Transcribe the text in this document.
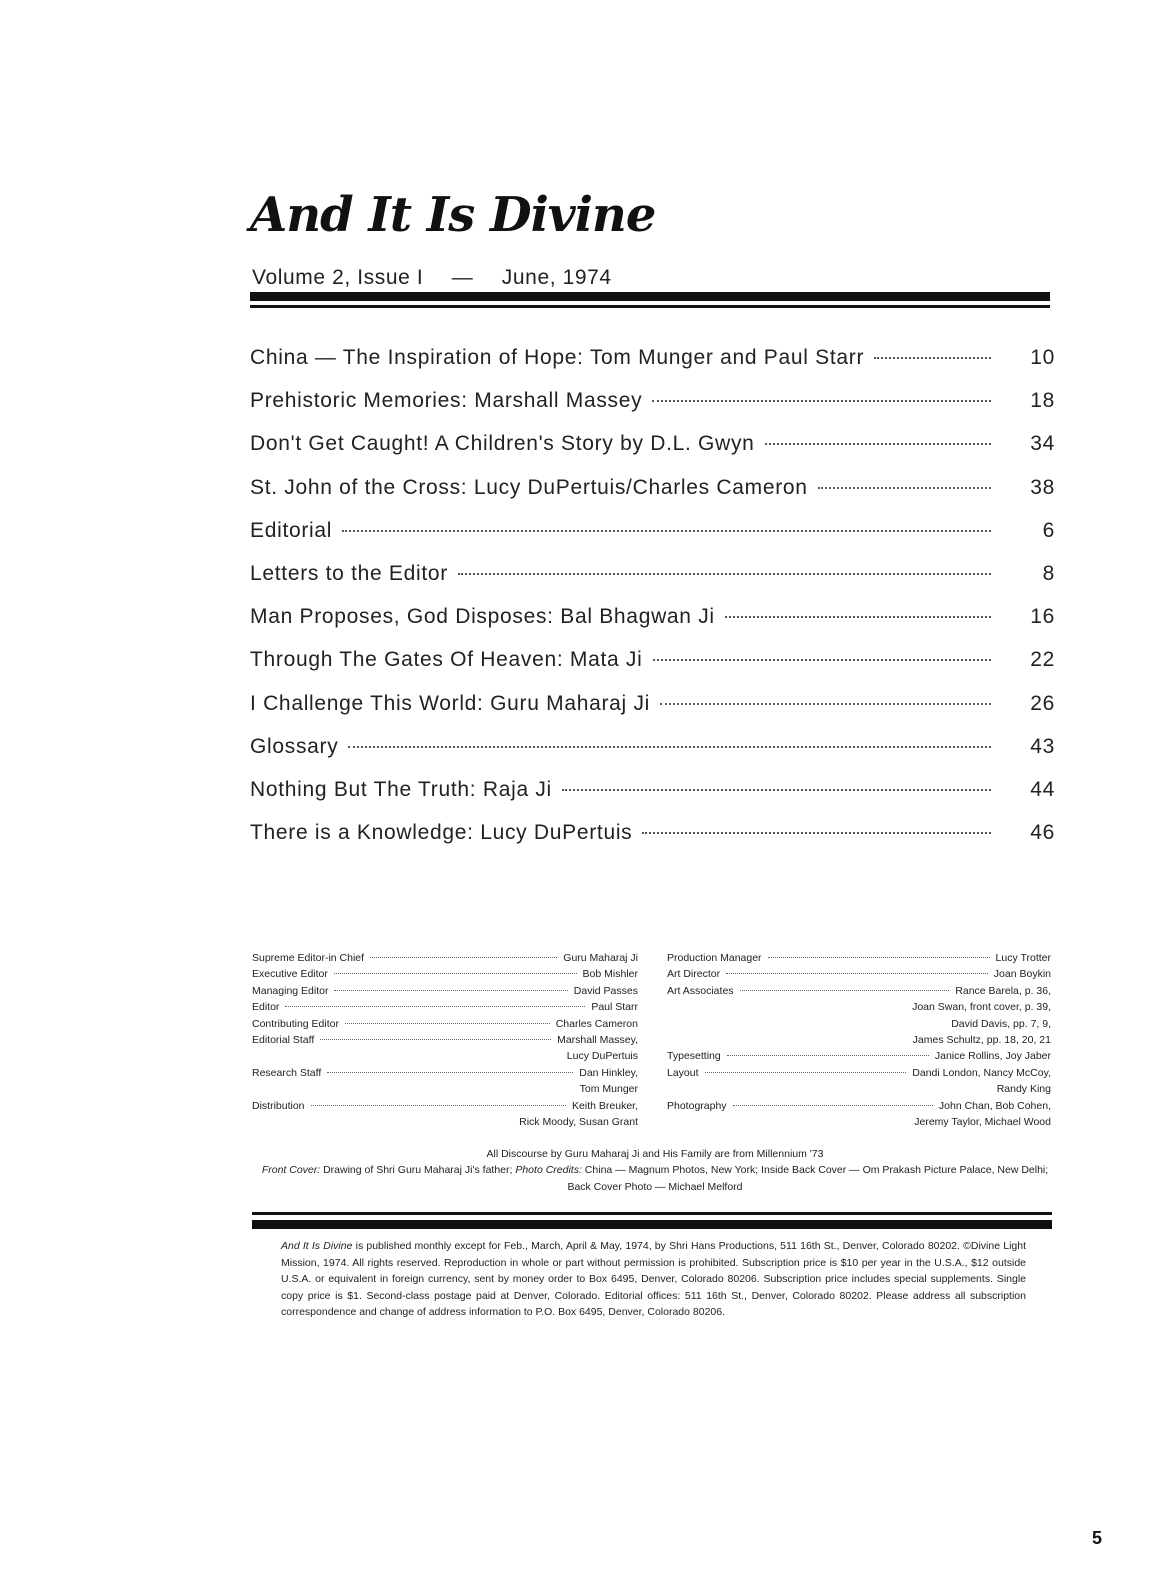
And It Is Divine
Volume 2, Issue I — June, 1974
China — The Inspiration of Hope: Tom Munger and Paul Starr	10
Prehistoric Memories: Marshall Massey	18
Don't Get Caught! A Children's Story by D.L. Gwyn	34
St. John of the Cross: Lucy DuPertuis/Charles Cameron	38
Editorial	6
Letters to the Editor	8
Man Proposes, God Disposes: Bal Bhagwan Ji	16
Through The Gates Of Heaven: Mata Ji	22
I Challenge This World: Guru Maharaj Ji	26
Glossary	43
Nothing But The Truth: Raja Ji	44
There is a Knowledge: Lucy DuPertuis	46
Supreme Editor-in Chief	Guru Maharaj Ji
Executive Editor	Bob Mishler
Managing Editor	David Passes
Editor	Paul Starr
Contributing Editor	Charles Cameron
Editorial Staff	Marshall Massey,
Lucy DuPertuis
Research Staff	Dan Hinkley,
Tom Munger
Distribution	Keith Breuker,
Rick Moody, Susan Grant
Production Manager	Lucy Trotter
Art Director	Joan Boykin
Art Associates	Rance Barela, p. 36,
Joan Swan, front cover, p. 39,
David Davis, pp. 7, 9,
James Schultz, pp. 18, 20, 21
Typesetting	Janice Rollins, Joy Jaber
Layout	Dandi London, Nancy McCoy,
Randy King
Photography	John Chan, Bob Cohen,
Jeremy Taylor, Michael Wood
All Discourse by Guru Maharaj Ji and His Family are from Millennium '73
Front Cover: Drawing of Shri Guru Maharaj Ji's father; Photo Credits: China — Magnum Photos, New York; Inside Back Cover — Om Prakash Picture Palace, New Delhi; Back Cover Photo — Michael Melford
And It Is Divine is published monthly except for Feb., March, April & May, 1974, by Shri Hans Productions, 511 16th St., Denver, Colorado 80202. ©Divine Light Mission, 1974. All rights reserved. Reproduction in whole or part without permission is prohibited. Subscription price is $10 per year in the U.S.A., $12 outside U.S.A. or equivalent in foreign currency, sent by money order to Box 6495, Denver, Colorado 80206. Subscription price includes special supplements. Single copy price is $1. Second-class postage paid at Denver, Colorado. Editorial offices: 511 16th St., Denver, Colorado 80202. Please address all subscription correspondence and change of address information to P.O. Box 6495, Denver, Colorado 80206.
5
